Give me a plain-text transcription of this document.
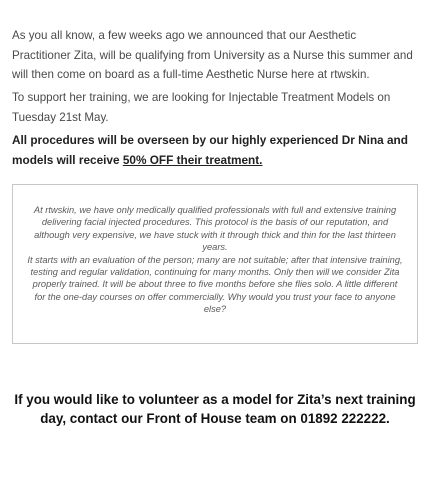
As you all know, a few weeks ago we announced that our Aesthetic Practitioner Zita, will be qualifying from University as a Nurse this summer and will then come on board as a full-time Aesthetic Nurse here at rtwskin.

To support her training, we are looking for Injectable Treatment Models on Tuesday 21st May.

All procedures will be overseen by our highly experienced Dr Nina and models will receive 50% OFF their treatment.

At rtwskin, we have only medically qualified professionals with full and extensive training delivering facial injected procedures. This protocol is the basis of our reputation, and although very expensive, we have stuck with it through thick and thin for the last thirteen years.
It starts with an evaluation of the person; many are not suitable; after that intensive training, testing and regular validation, continuing for many months. Only then will we consider Zita properly trained. It will be about three to five months before she flies solo. A little different for the one-day courses on offer commercially. Why would you trust your face to anyone else?

If you would like to volunteer as a model for Zita’s next training day, contact our Front of House team on 01892 222222.
